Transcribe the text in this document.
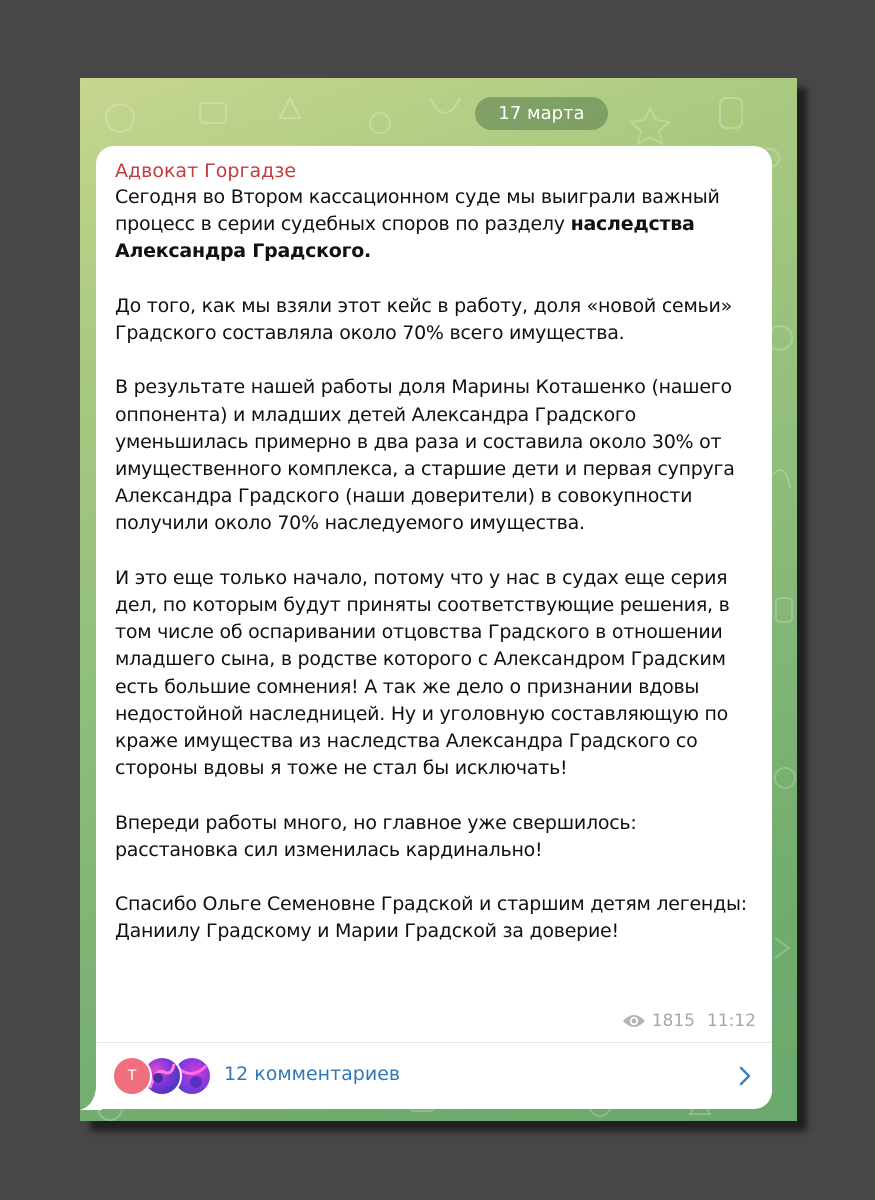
17 марта
Адвокат Горгадзе

Сегодня во Втором кассационном суде мы выиграли важный процесс в серии судебных споров по разделу наследства Александра Градского.

До того, как мы взяли этот кейс в работу, доля «новой семьи» Градского составляла около 70% всего имущества.

В результате нашей работы доля Марины Коташенко (нашего оппонента) и младших детей Александра Градского уменьшилась примерно в два раза и составила около 30% от имущественного комплекса, а старшие дети и первая супруга Александра Градского (наши доверители) в совокупности получили около 70% наследуемого имущества.

И это еще только начало, потому что у нас в судах еще серия дел, по которым будут приняты соответствующие решения, в том числе об оспаривании отцовства Градского в отношении младшего сына, в родстве которого с Александром Градским есть большие сомнения! А так же дело о признании вдовы недостойной наследницей. Ну и уголовную составляющую по краже имущества из наследства Александра Градского со стороны вдовы я тоже не стал бы исключать!

Впереди работы много, но главное уже свершилось: расстановка сил изменилась кардинально!

Спасибо Ольге Семеновне Градской и старшим детям легенды: Даниилу Градскому и Марии Градской за доверие!

1815 11:12
Т	12 комментариев
